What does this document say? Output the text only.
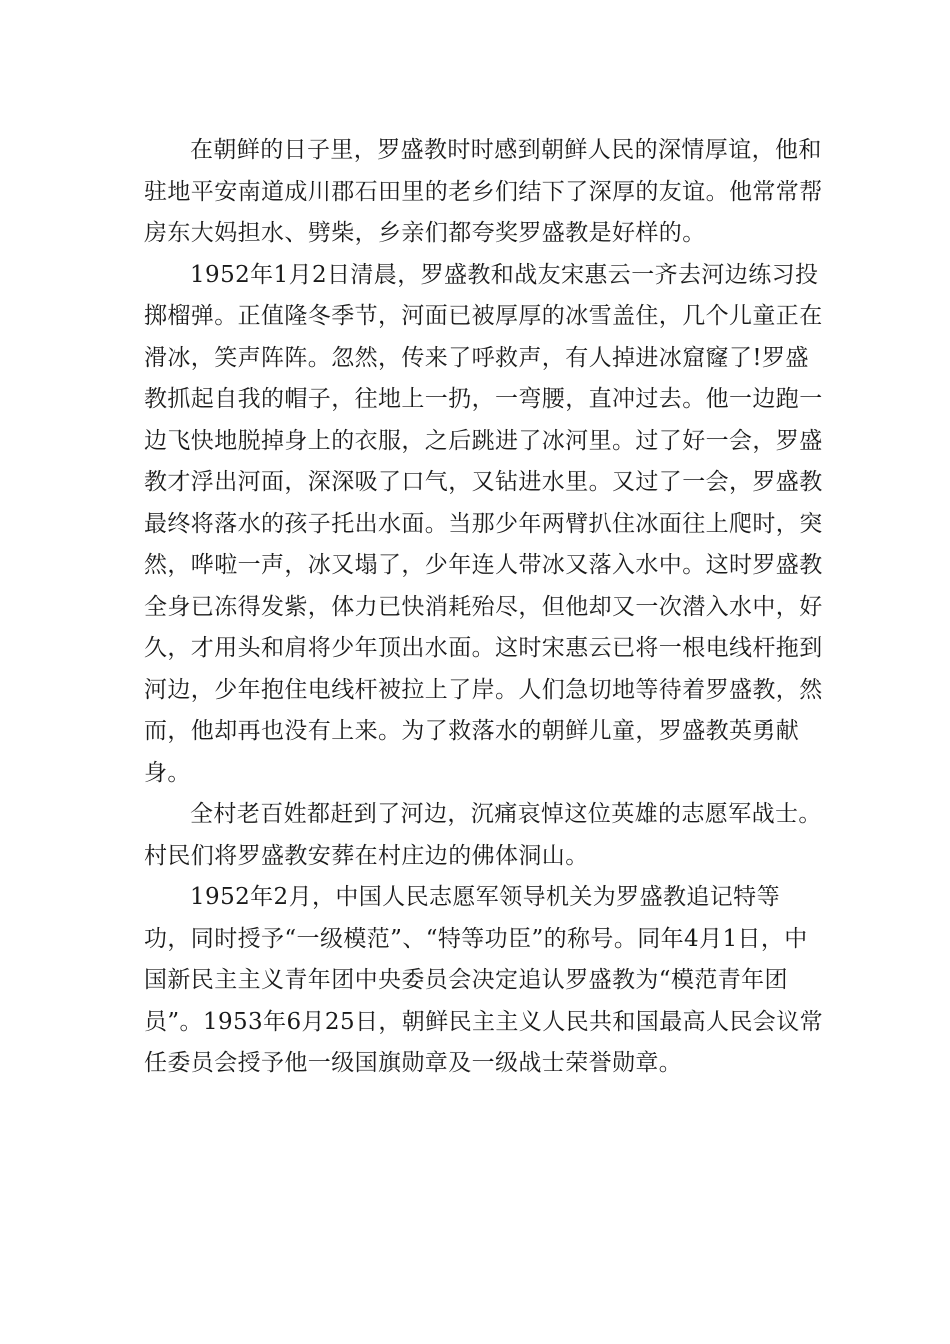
在朝鲜的日子里，罗盛教时时感到朝鲜人民的深情厚谊，他和驻地平安南道成川郡石田里的老乡们结下了深厚的友谊。他常常帮房东大妈担水、劈柴，乡亲们都夸奖罗盛教是好样的。

1952年1月2日清晨，罗盛教和战友宋惠云一齐去河边练习投掷榴弹。正值隆冬季节，河面已被厚厚的冰雪盖住，几个儿童正在滑冰，笑声阵阵。忽然，传来了呼救声，有人掉进冰窟窿了!罗盛教抓起自我的帽子，往地上一扔，一弯腰，直冲过去。他一边跑一边飞快地脱掉身上的衣服，之后跳进了冰河里。过了好一会，罗盛教才浮出河面，深深吸了口气，又钻进水里。又过了一会，罗盛教最终将落水的孩子托出水面。当那少年两臂扒住冰面往上爬时，突然，哗啦一声，冰又塌了，少年连人带冰又落入水中。这时罗盛教全身已冻得发紫，体力已快消耗殆尽，但他却又一次潜入水中，好久，才用头和肩将少年顶出水面。这时宋惠云已将一根电线杆拖到河边，少年抱住电线杆被拉上了岸。人们急切地等待着罗盛教，然而，他却再也没有上来。为了救落水的朝鲜儿童，罗盛教英勇献身。

全村老百姓都赶到了河边，沉痛哀悼这位英雄的志愿军战士。村民们将罗盛教安葬在村庄边的佛体洞山。

1952年2月，中国人民志愿军领导机关为罗盛教追记特等功，同时授予“一级模范”、“特等功臣”的称号。同年4月1日，中国新民主主义青年团中央委员会决定追认罗盛教为“模范青年团员”。1953年6月25日，朝鲜民主主义人民共和国最高人民会议常任委员会授予他一级国旗勋章及一级战士荣誉勋章。
